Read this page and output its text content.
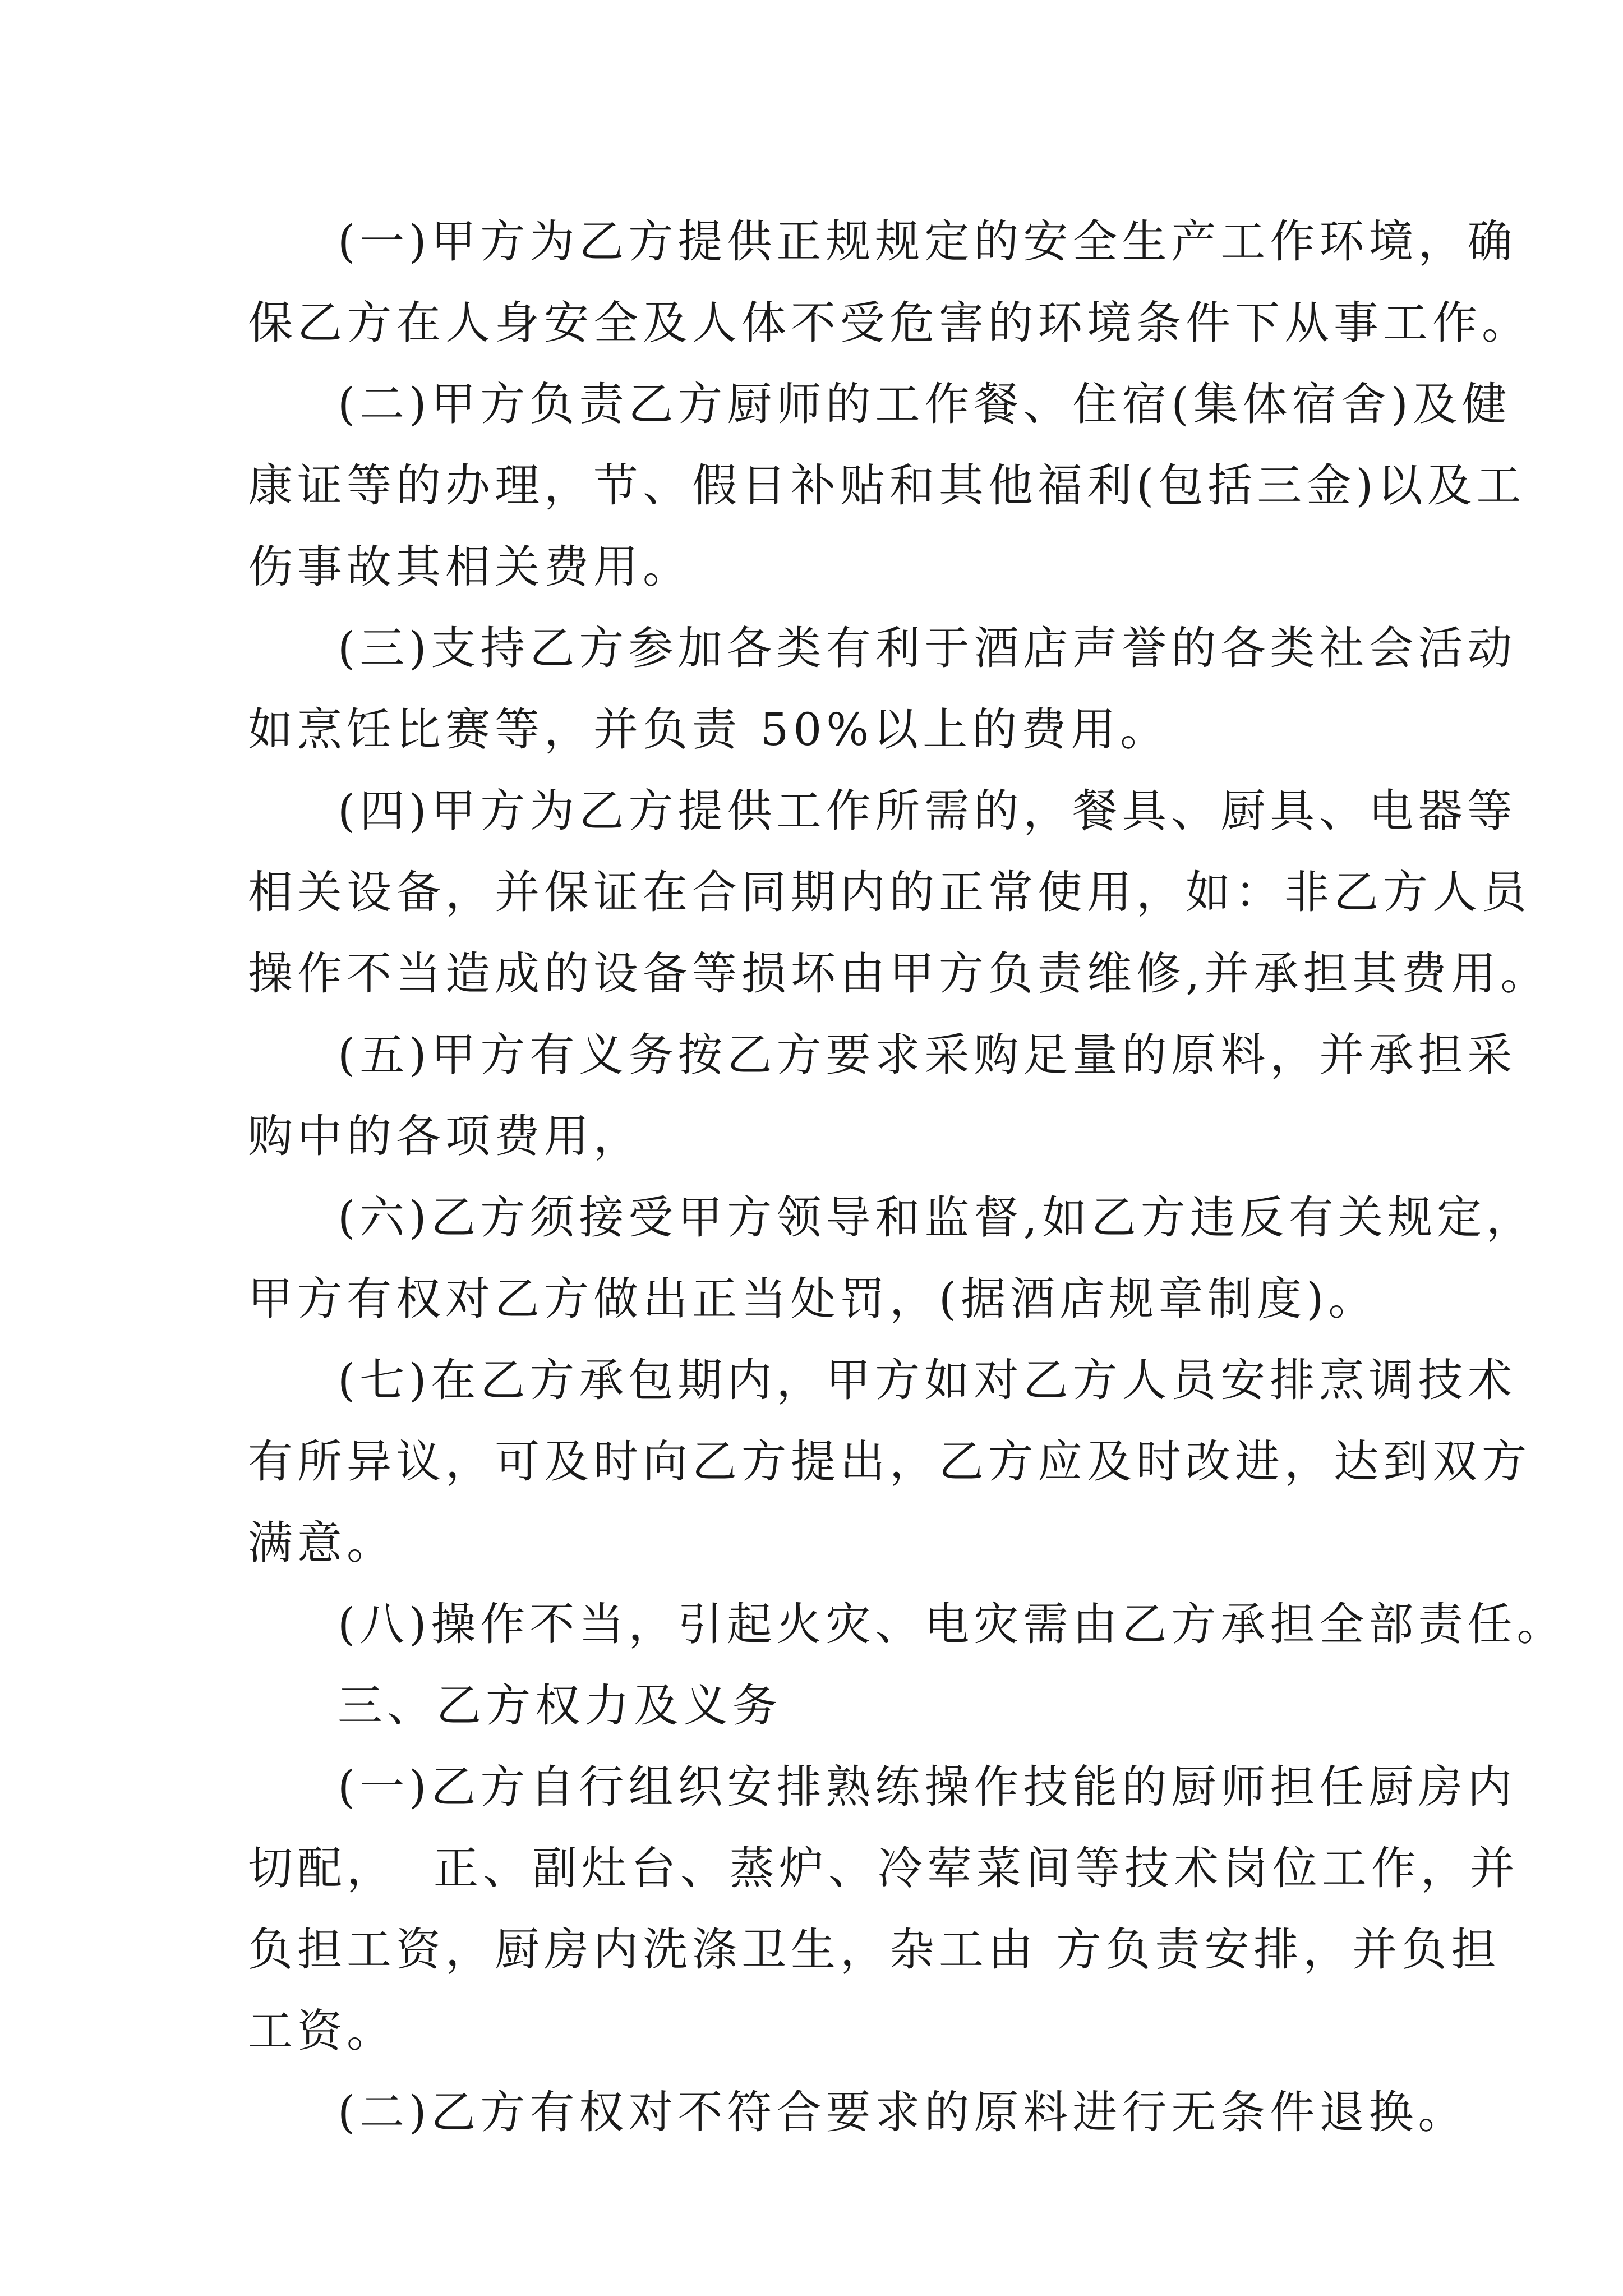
(一)甲方为乙方提供正规规定的安全生产工作环境，确
保乙方在人身安全及人体不受危害的环境条件下从事工作。
(二)甲方负责乙方厨师的工作餐、住宿(集体宿舍)及健
康证等的办理，节、假日补贴和其他福利(包括三金)以及工
伤事故其相关费用。
(三)支持乙方参加各类有利于酒店声誉的各类社会活动
如烹饪比赛等，并负责 50%以上的费用。
(四)甲方为乙方提供工作所需的，餐具、厨具、电器等
相关设备，并保证在合同期内的正常使用，如：非乙方人员
操作不当造成的设备等损坏由甲方负责维修,并承担其费用。
(五)甲方有义务按乙方要求采购足量的原料，并承担采
购中的各项费用，
(六)乙方须接受甲方领导和监督,如乙方违反有关规定，
甲方有权对乙方做出正当处罚，(据酒店规章制度)。
(七)在乙方承包期内，甲方如对乙方人员安排烹调技术
有所异议，可及时向乙方提出，乙方应及时改进，达到双方
满意。
(八)操作不当，引起火灾、电灾需由乙方承担全部责任。
三、乙方权力及义务
(一)乙方自行组织安排熟练操作技能的厨师担任厨房内
切配，  正、副灶台、蒸炉、冷荤菜间等技术岗位工作，并
负担工资，厨房内洗涤卫生，杂工由 方负责安排，并负担
工资。
(二)乙方有权对不符合要求的原料进行无条件退换。
